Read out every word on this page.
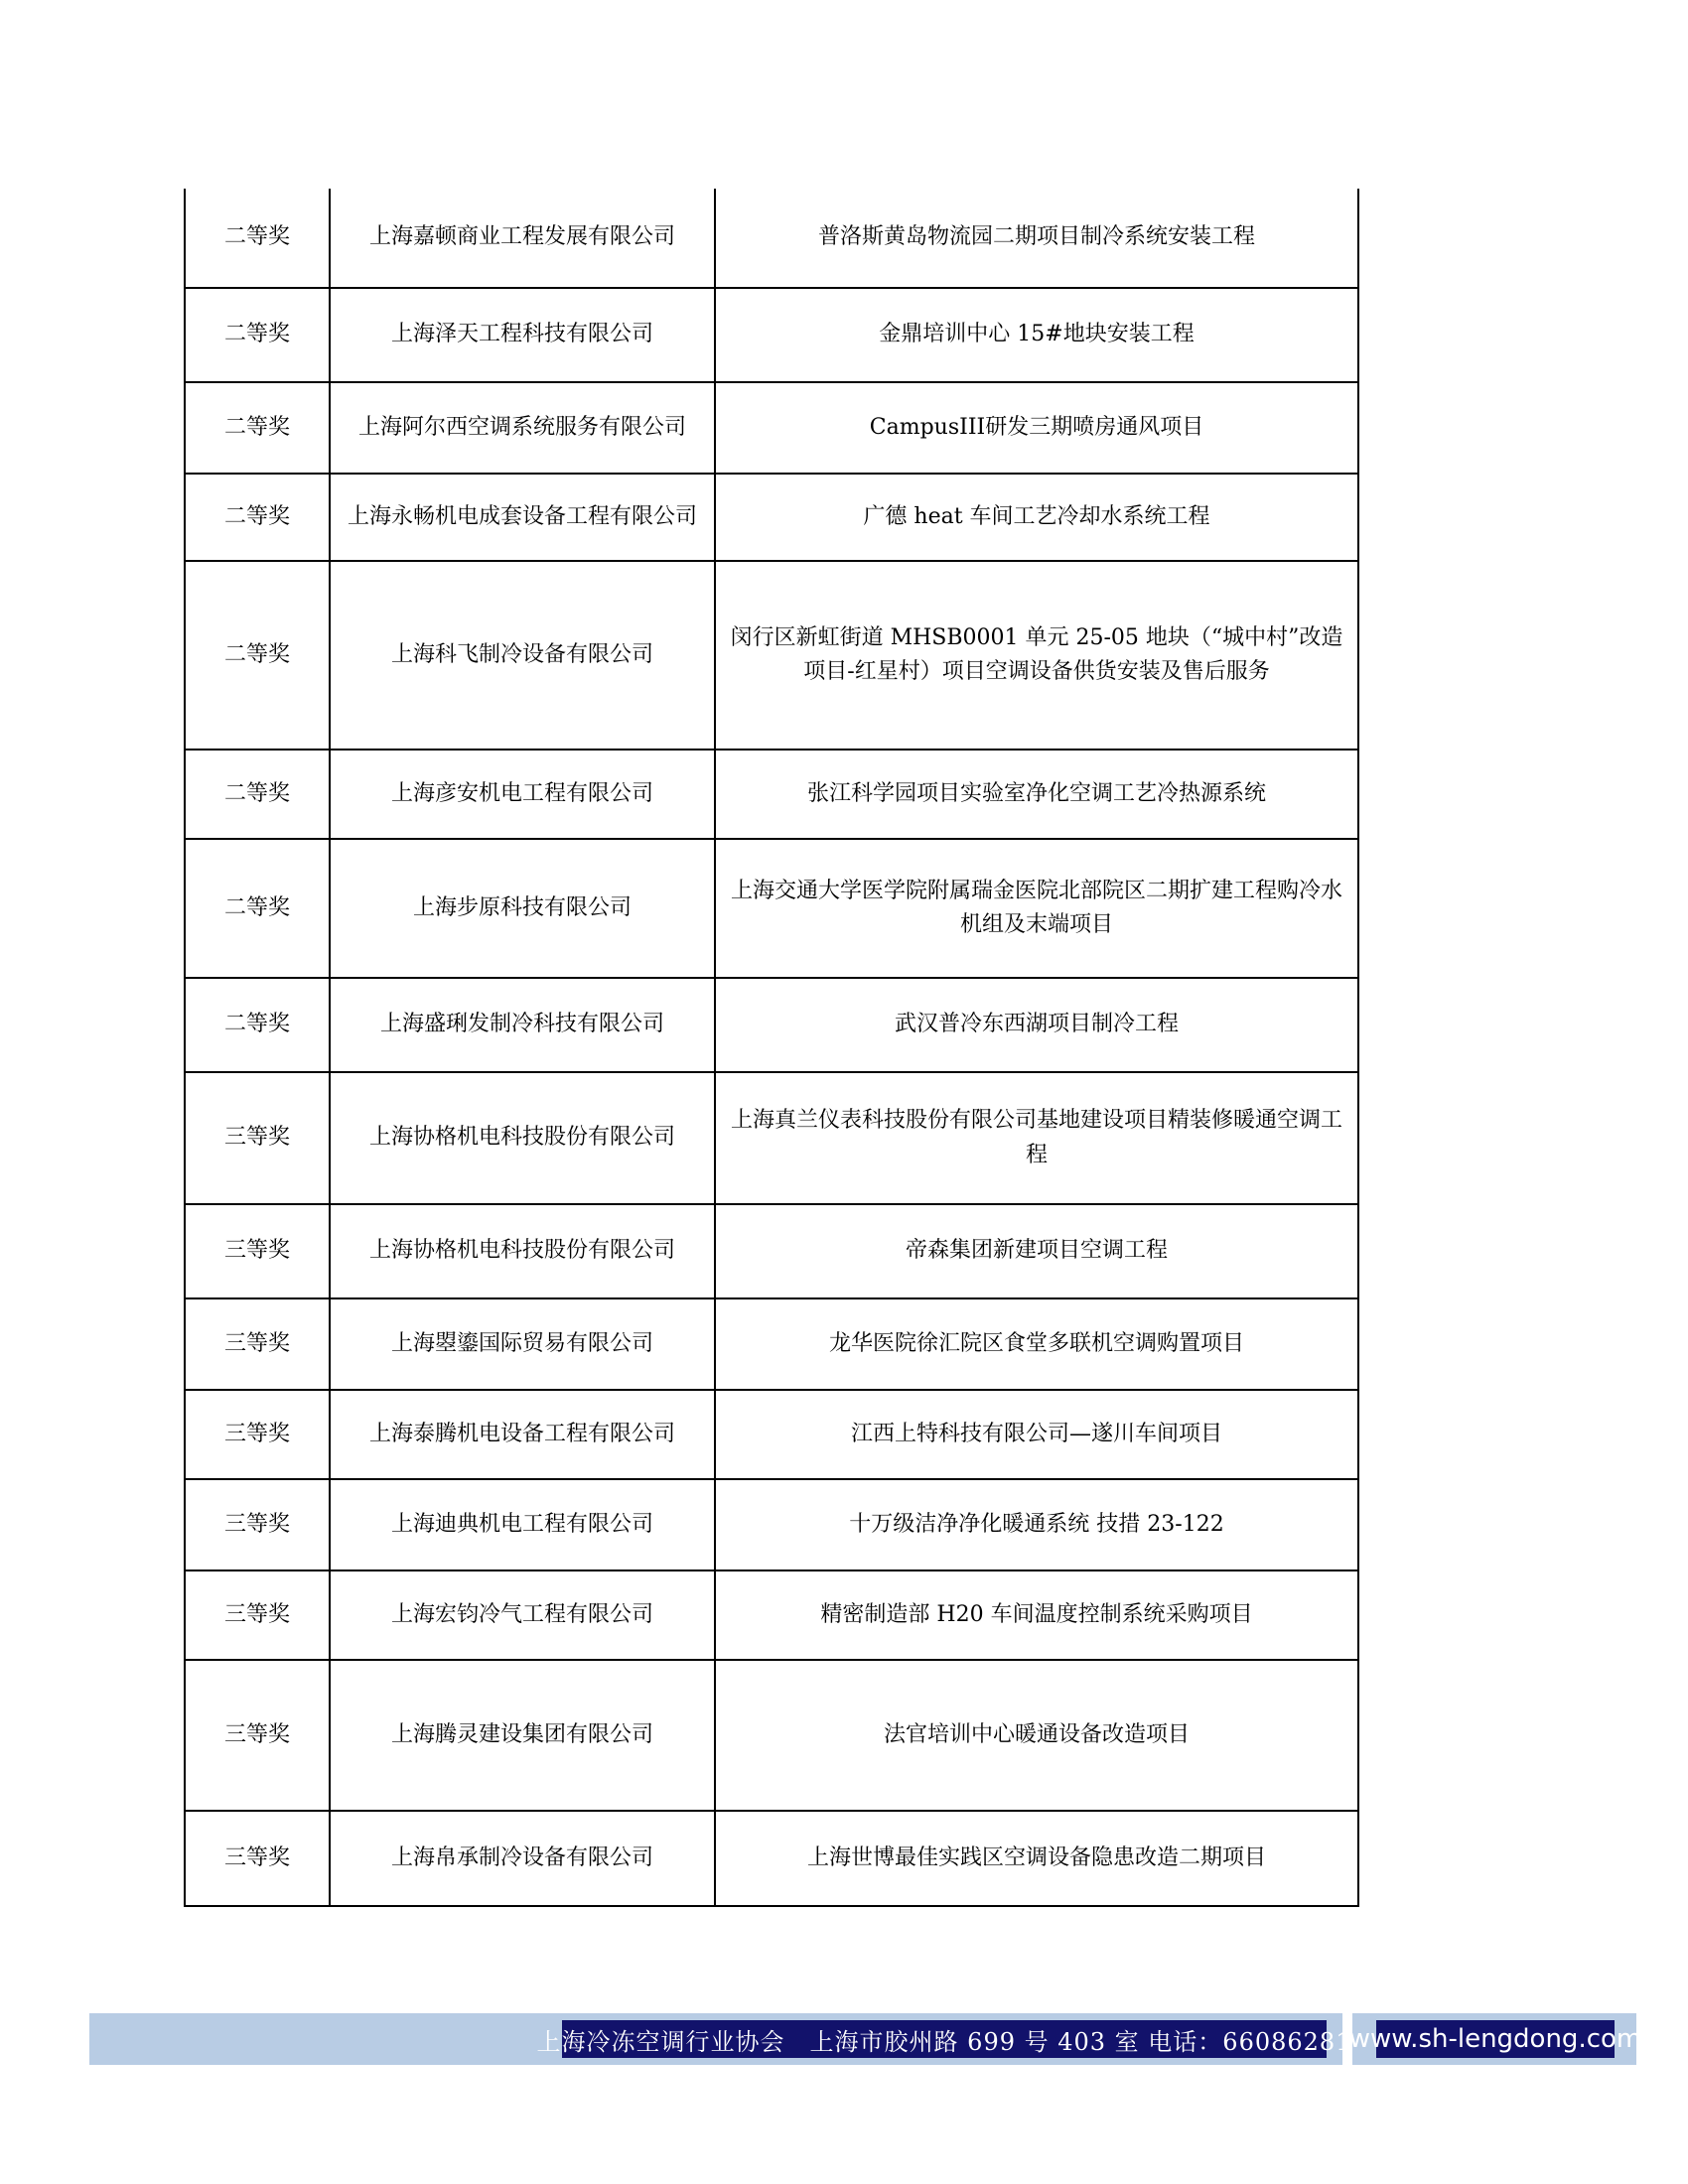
二等奖	上海嘉顿商业工程发展有限公司	普洛斯黄岛物流园二期项目制冷系统安装工程
二等奖	上海泽天工程科技有限公司	金鼎培训中心 15#地块安装工程
二等奖	上海阿尔西空调系统服务有限公司	CampusIII研发三期喷房通风项目
二等奖	上海永畅机电成套设备工程有限公司	广德 heat 车间工艺冷却水系统工程
二等奖	上海科飞制冷设备有限公司	闵行区新虹街道 MHSB0001 单元 25-05 地块（“城中村”改造项目-红星村）项目空调设备供货安装及售后服务
二等奖	上海彦安机电工程有限公司	张江科学园项目实验室净化空调工艺冷热源系统
二等奖	上海步原科技有限公司	上海交通大学医学院附属瑞金医院北部院区二期扩建工程购冷水机组及末端项目
二等奖	上海盛琍发制冷科技有限公司	武汉普冷东西湖项目制冷工程
三等奖	上海协格机电科技股份有限公司	上海真兰仪表科技股份有限公司基地建设项目精装修暖通空调工程
三等奖	上海协格机电科技股份有限公司	帝森集团新建项目空调工程
三等奖	上海曌鎏国际贸易有限公司	龙华医院徐汇院区食堂多联机空调购置项目
三等奖	上海泰腾机电设备工程有限公司	江西上特科技有限公司—遂川车间项目
三等奖	上海迪典机电工程有限公司	十万级洁净净化暖通系统 技措 23-122
三等奖	上海宏钧冷气工程有限公司	精密制造部 H20 车间温度控制系统采购项目
三等奖	上海腾灵建设集团有限公司	法官培训中心暖通设备改造项目
三等奖	上海帛承制冷设备有限公司	上海世博最佳实践区空调设备隐患改造二期项目
上海冷冻空调行业协会　上海市胶州路 699 号 403 室 电话：66086281
www.sh-lengdong.com
